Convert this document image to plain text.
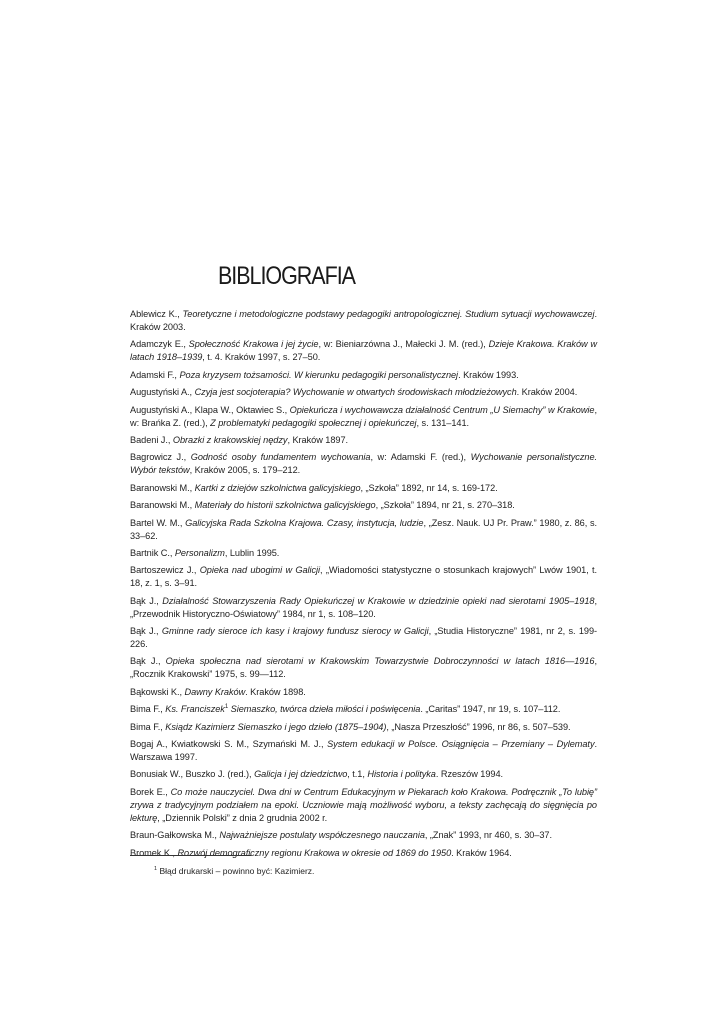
BIBLIOGRAFIA

Ablewicz K., Teoretyczne i metodologiczne podstawy pedagogiki antropologicznej. Studium sytuacji wychowawczej. Kraków 2003.

Adamczyk E., Społeczność Krakowa i jej życie, w: Bieniarzówna J., Małecki J. M. (red.), Dzieje Krakowa. Kraków w latach 1918–1939, t. 4. Kraków 1997, s. 27–50.

Adamski F., Poza kryzysem tożsamości. W kierunku pedagogiki personalistycznej. Kraków 1993.

Augustyński A., Czyja jest socjoterapia? Wychowanie w otwartych środowiskach młodzieżowych. Kraków 2004.

Augustyński A., Klapa W., Oktawiec S., Opiekuńcza i wychowawcza działalność Centrum „U Siemachy” w Krakowie, w: Brańka Z. (red.), Z problematyki pedagogiki społecznej i opiekuńczej, s. 131–141.

Badeni J., Obrazki z krakowskiej nędzy, Kraków 1897.

Bagrowicz J., Godność osoby fundamentem wychowania, w: Adamski F. (red.), Wychowanie personalistyczne. Wybór tekstów, Kraków 2005, s. 179–212.

Baranowski M., Kartki z dziejów szkolnictwa galicyjskiego, „Szkoła” 1892, nr 14, s. 169-172.

Baranowski M., Materiały do historii szkolnictwa galicyjskiego, „Szkoła” 1894, nr 21, s. 270–318.

Bartel W. M., Galicyjska Rada Szkolna Krajowa. Czasy, instytucja, ludzie, „Zesz. Nauk. UJ Pr. Praw.” 1980, z. 86, s. 33–62.

Bartnik C., Personalizm, Lublin 1995.

Bartoszewicz J., Opieka nad ubogimi w Galicji, „Wiadomości statystyczne o stosunkach krajowych” Lwów 1901, t. 18, z. 1, s. 3–91.

Bąk J., Działalność Stowarzyszenia Rady Opiekuńczej w Krakowie w dziedzinie opieki nad sierotami 1905–1918, „Przewodnik Historyczno-Oświatowy” 1984, nr 1, s. 108–120.

Bąk J., Gminne rady sieroce ich kasy i krajowy fundusz sierocy w Galicji, „Studia Historyczne” 1981, nr 2, s. 199-226.

Bąk J., Opieka społeczna nad sierotami w Krakowskim Towarzystwie Dobroczynności w latach 1816—1916, „Rocznik Krakowski” 1975, s. 99—112.

Bąkowski K., Dawny Kraków. Kraków 1898.

Bima F., Ks. Franciszek$^1$ Siemaszko, twórca dzieła miłości i poświęcenia. „Caritas” 1947, nr 19, s. 107–112.

Bima F., Ksiądz Kazimierz Siemaszko i jego dzieło (1875–1904), „Nasza Przeszłość” 1996, nr 86, s. 507–539.

Bogaj A., Kwiatkowski S. M., Szymański M. J., System edukacji w Polsce. Osiągnięcia – Przemiany – Dylematy. Warszawa 1997.

Bonusiak W., Buszko J. (red.), Galicja i jej dziedzictwo, t.1, Historia i polityka. Rzeszów 1994.

Borek E., Co może nauczyciel. Dwa dni w Centrum Edukacyjnym w Piekarach koło Krakowa. Podręcznik „To lubię” zrywa z tradycyjnym podziałem na epoki. Uczniowie mają możliwość wyboru, a teksty zachęcają do sięgnięcia po lekturę, „Dziennik Polski” z dnia 2 grudnia 2002 r.

Braun-Gałkowska M., Najważniejsze postulaty współczesnego nauczania, „Znak” 1993, nr 460, s. 30–37.

Bromek K., Rozwój demograficzny regionu Krakowa w okresie od 1869 do 1950. Kraków 1964.

$^1$ Błąd drukarski – powinno być: Kazimierz.
